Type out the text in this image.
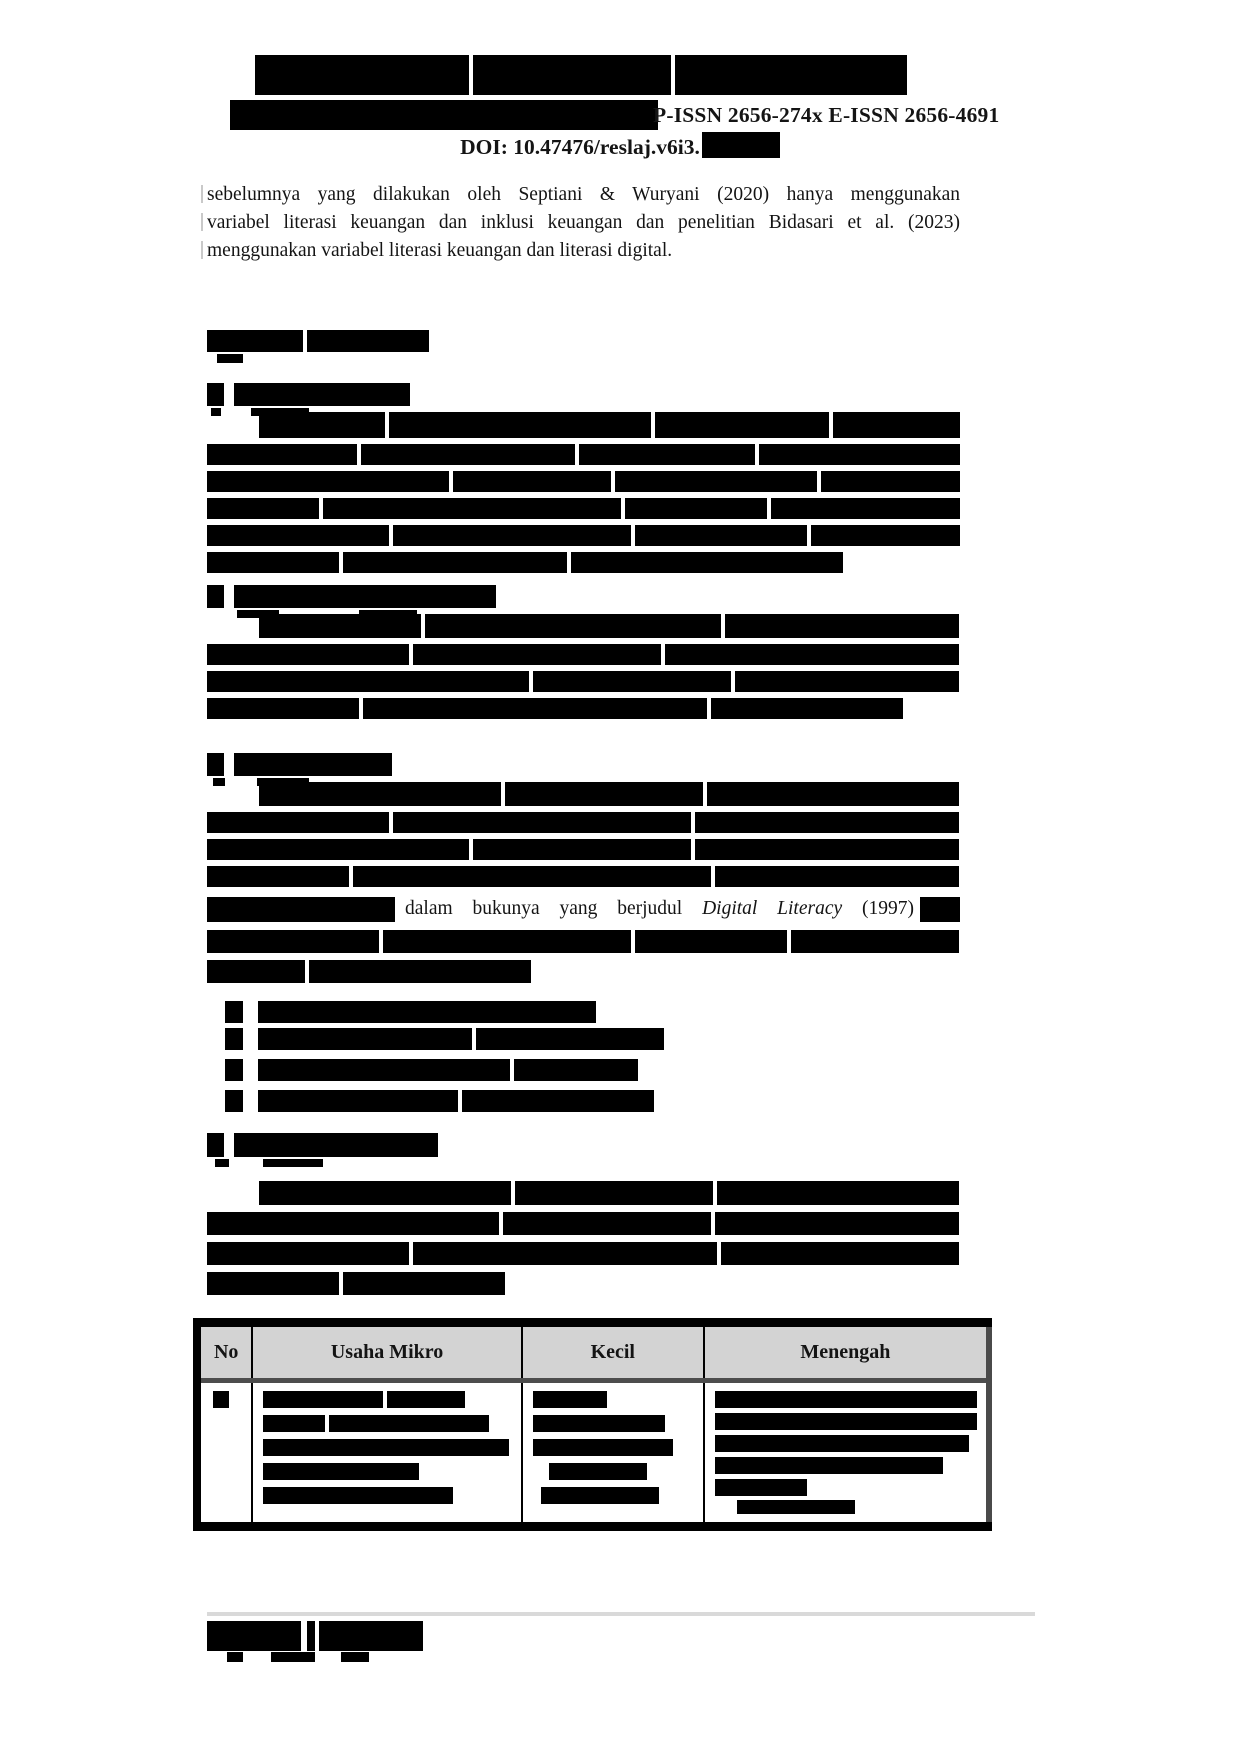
P-ISSN 2656-274x E-ISSN 2656-4691
DOI: 10.47476/reslaj.v6i3.
sebelumnya yang dilakukan oleh Septiani & Wuryani (2020) hanya menggunakan
variabel literasi keuangan dan inklusi keuangan dan penelitian Bidasari et al. (2023)
menggunakan variabel literasi keuangan dan literasi digital.
dalam bukunya yang berjudul Digital Literacy (1997)
No	Usaha Mikro	Kecil	Menengah
